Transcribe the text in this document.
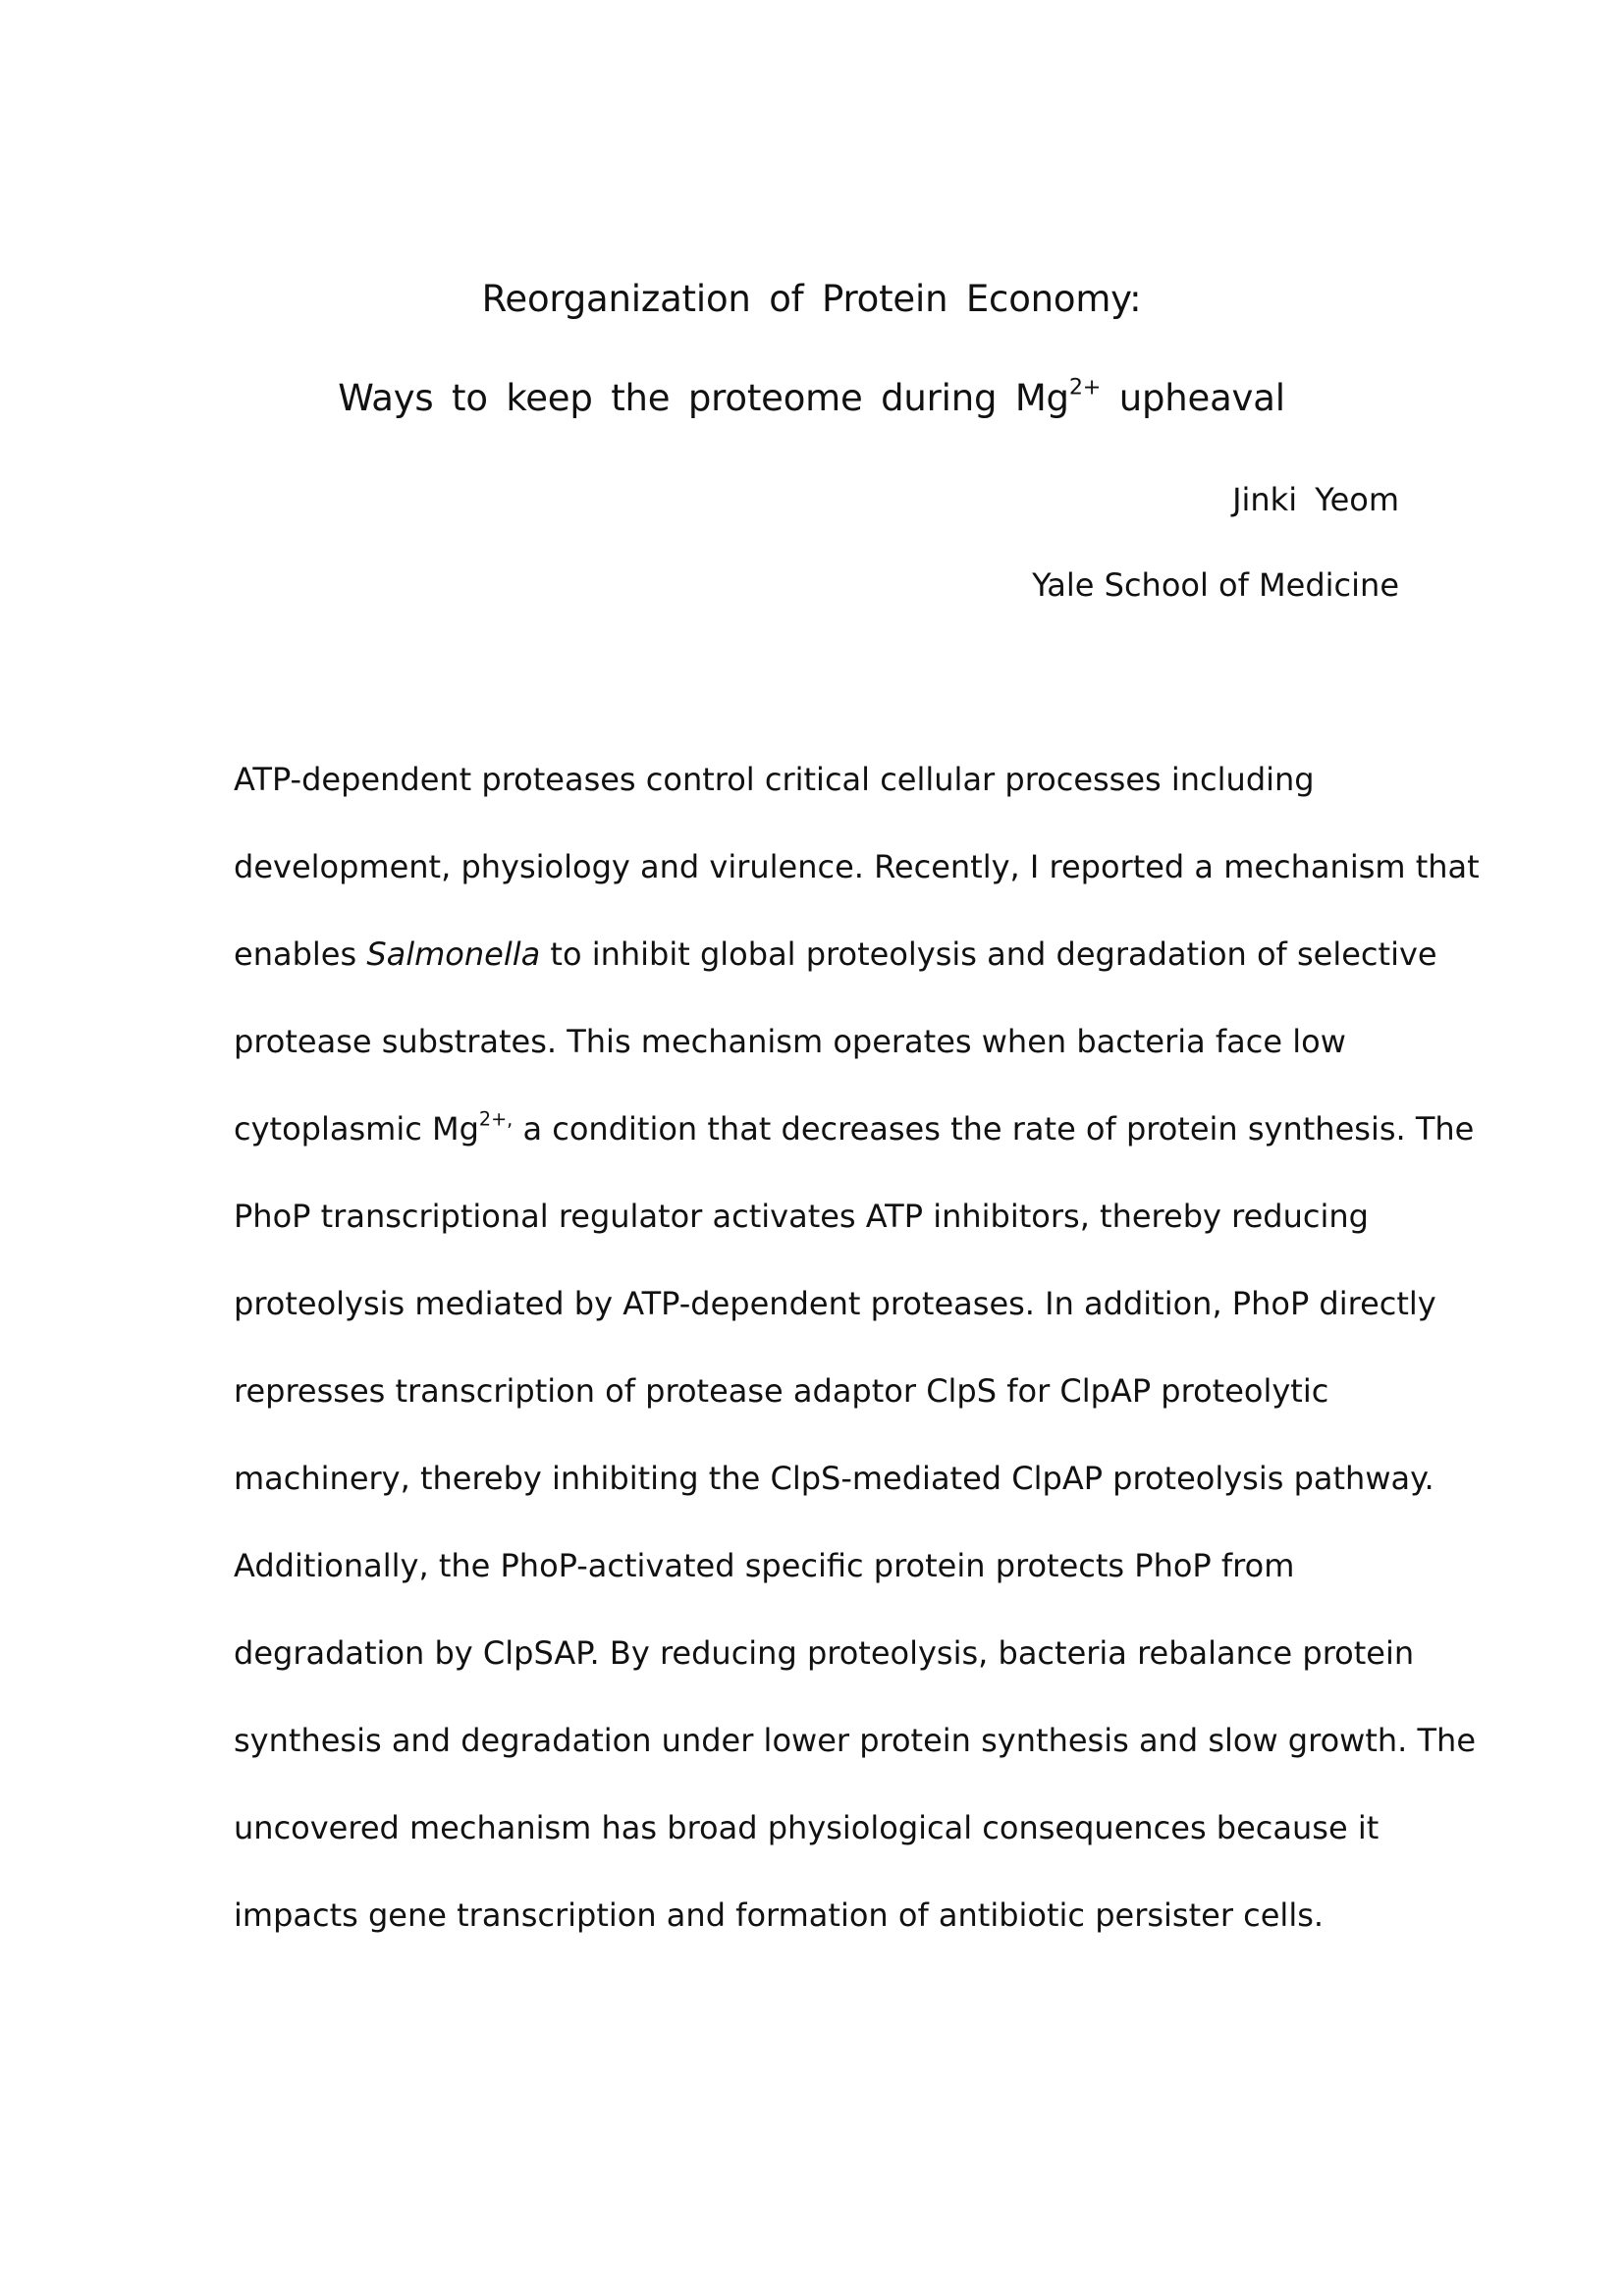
Reorganization of Protein Economy:
Ways to keep the proteome during $Mg^{2+}$ upheaval
Jinki Yeom
Yale School of Medicine
ATP-dependent proteases control critical cellular processes including
development, physiology and virulence. Recently, I reported a mechanism that
enables Salmonella to inhibit global proteolysis and degradation of selective
protease substrates. This mechanism operates when bacteria face low
cytoplasmic $Mg^{2+,}$ a condition that decreases the rate of protein synthesis. The
PhoP transcriptional regulator activates ATP inhibitors, thereby reducing
proteolysis mediated by ATP-dependent proteases. In addition, PhoP directly
represses transcription of protease adaptor ClpS for ClpAP proteolytic
machinery, thereby inhibiting the ClpS-mediated ClpAP proteolysis pathway.
Additionally, the PhoP-activated specific protein protects PhoP from
degradation by ClpSAP. By reducing proteolysis, bacteria rebalance protein
synthesis and degradation under lower protein synthesis and slow growth. The
uncovered mechanism has broad physiological consequences because it
impacts gene transcription and formation of antibiotic persister cells.
